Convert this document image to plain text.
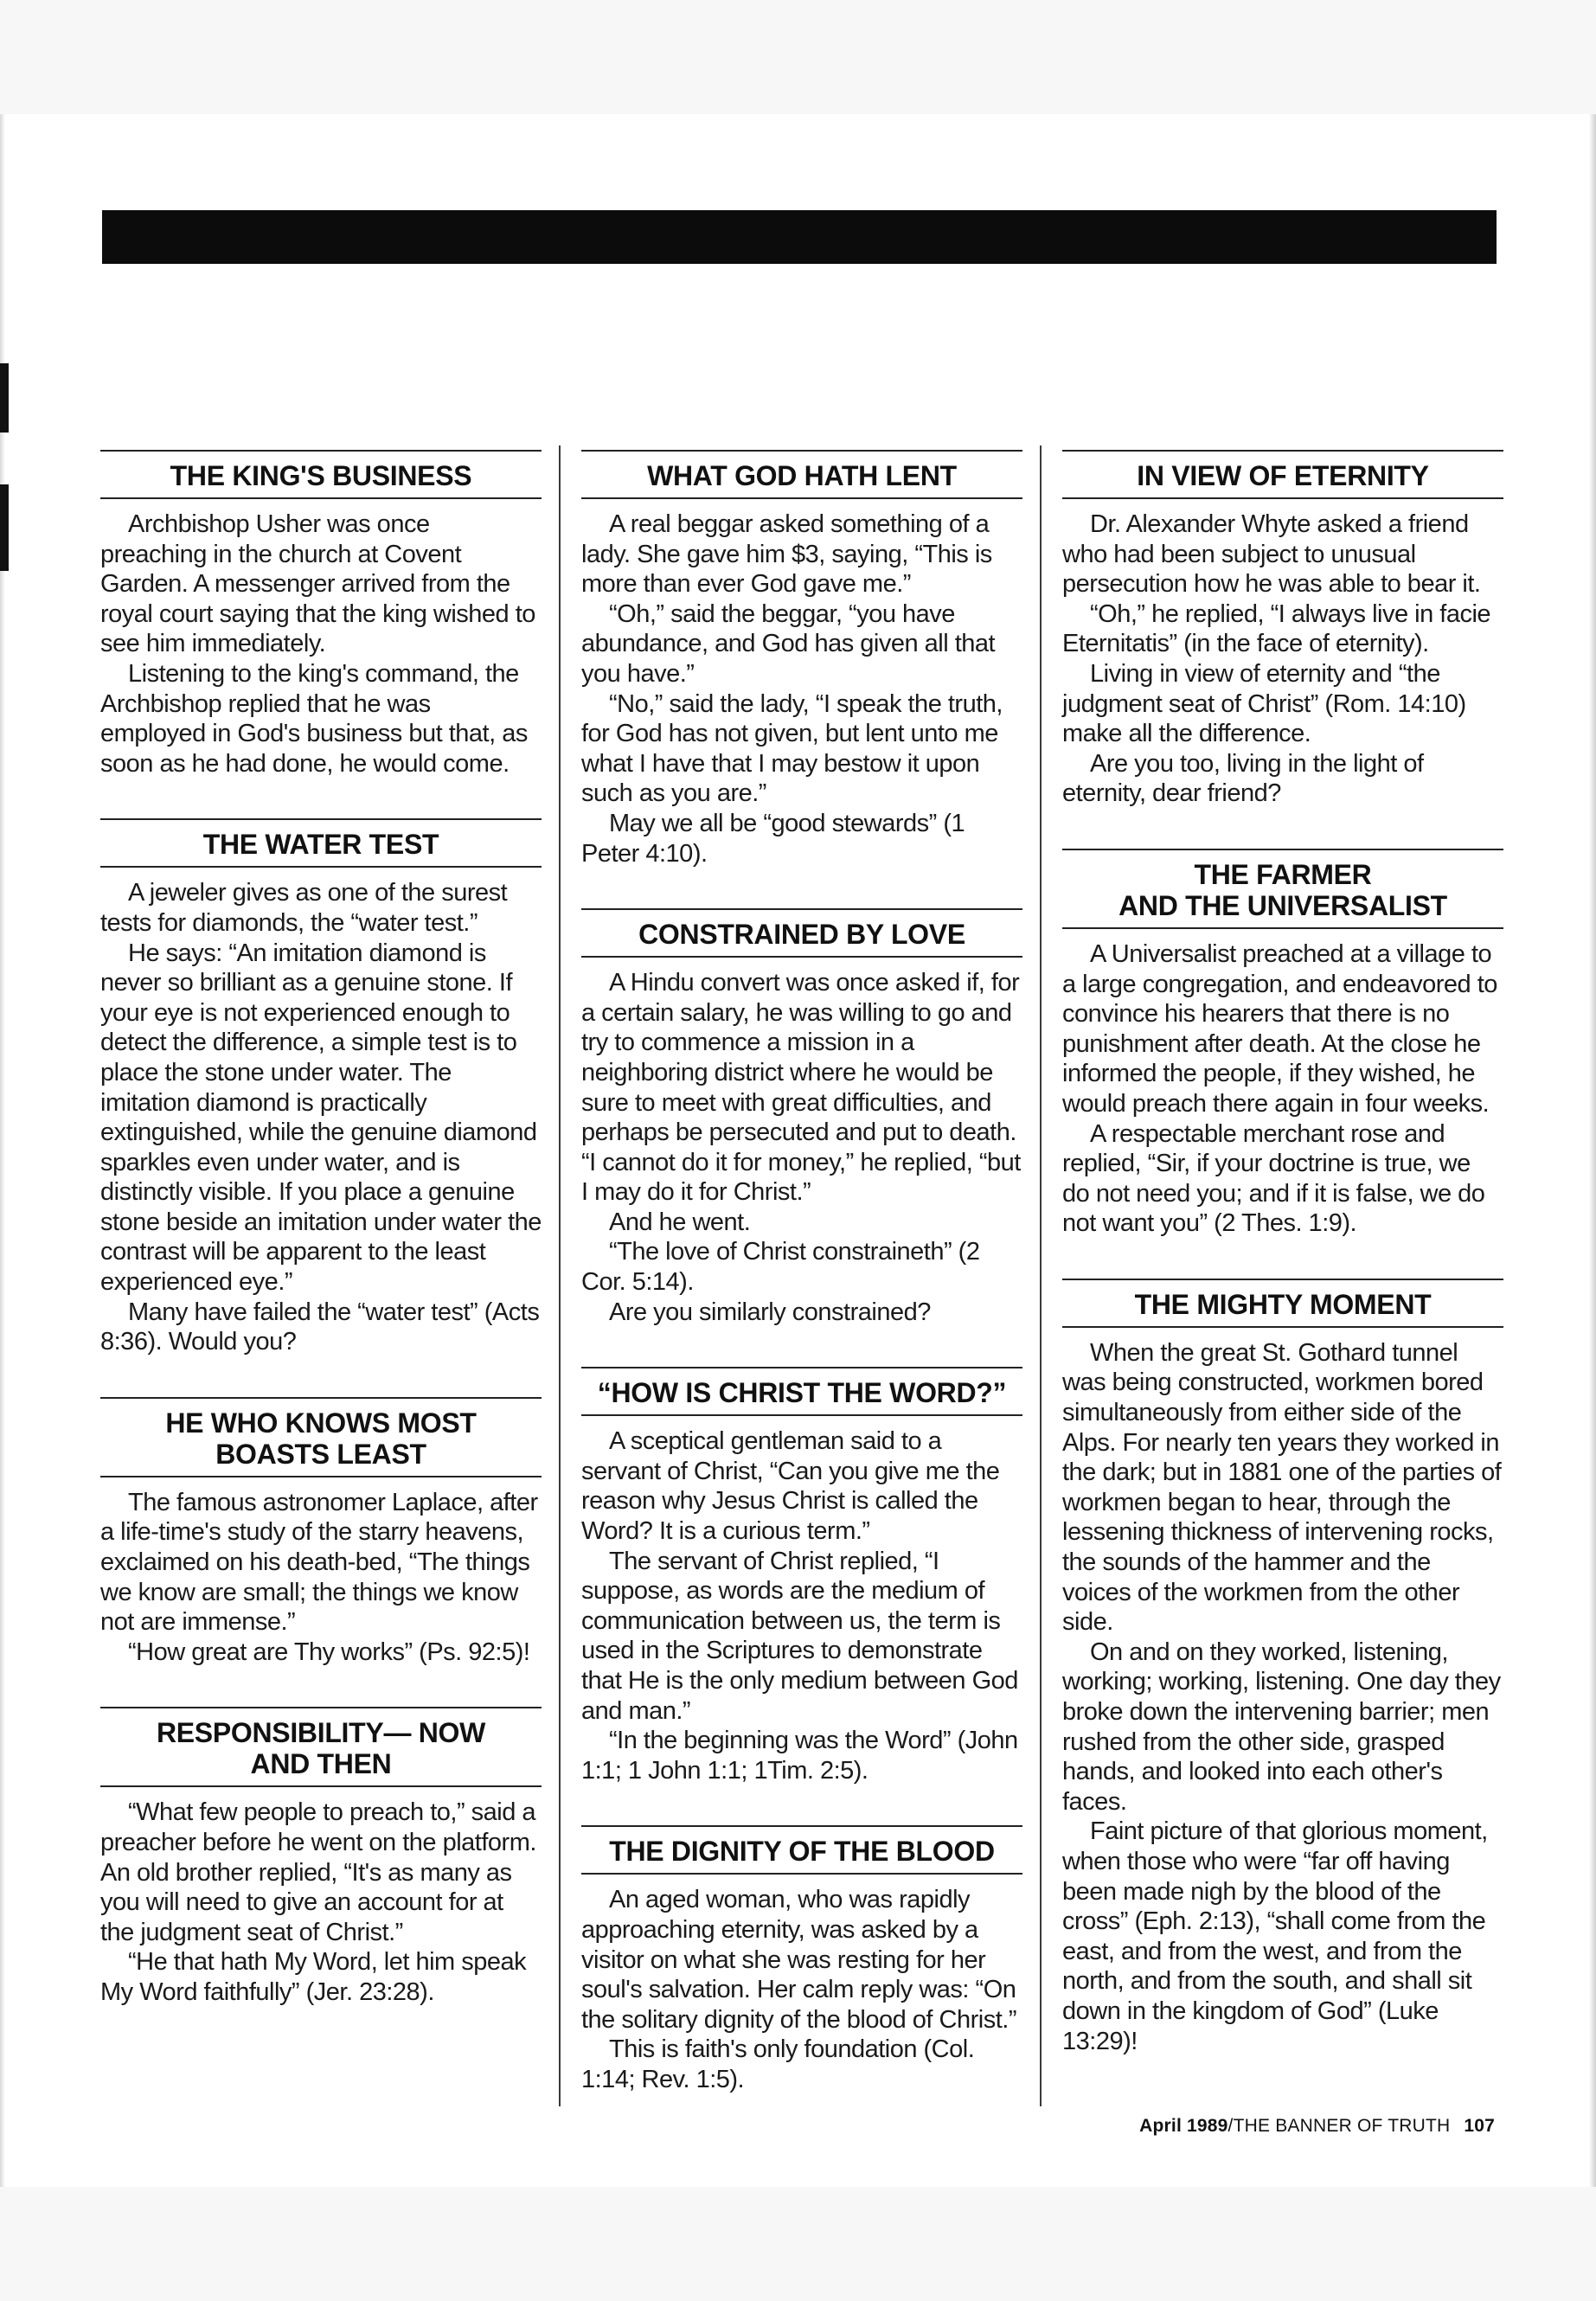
THE KING'S BUSINESS

Archbishop Usher was once preaching in the church at Covent Garden. A messenger arrived from the royal court saying that the king wished to see him immediately.

Listening to the king's command, the Archbishop replied that he was employed in God's business but that, as soon as he had done, he would come.

THE WATER TEST

A jeweler gives as one of the surest tests for diamonds, the “water test.”

He says: “An imitation diamond is never so brilliant as a genuine stone. If your eye is not experienced enough to detect the difference, a simple test is to place the stone under water. The imitation diamond is practically extinguished, while the genuine diamond sparkles even under water, and is distinctly visible. If you place a genuine stone beside an imitation under water the contrast will be apparent to the least experienced eye.”

Many have failed the “water test” (Acts 8:36). Would you?

HE WHO KNOWS MOST
BOASTS LEAST

The famous astronomer Laplace, after a life-time's study of the starry heavens, exclaimed on his death-bed, “The things we know are small; the things we know not are immense.”

“How great are Thy works” (Ps. 92:5)!

RESPONSIBILITY— NOW
AND THEN

“What few people to preach to,” said a preacher before he went on the platform. An old brother replied, “It's as many as you will need to give an account for at the judgment seat of Christ.”

“He that hath My Word, let him speak My Word faithfully” (Jer. 23:28).

WHAT GOD HATH LENT

A real beggar asked something of a lady. She gave him $3, saying, “This is more than ever God gave me.”

“Oh,” said the beggar, “you have abundance, and God has given all that you have.”

“No,” said the lady, “I speak the truth, for God has not given, but lent unto me what I have that I may bestow it upon such as you are.”

May we all be “good stewards” (1 Peter 4:10).

CONSTRAINED BY LOVE

A Hindu convert was once asked if, for a certain salary, he was willing to go and try to commence a mission in a neighboring district where he would be sure to meet with great difficulties, and perhaps be persecuted and put to death. “I cannot do it for money,” he replied, “but I may do it for Christ.”

And he went.

“The love of Christ constraineth” (2 Cor. 5:14).

Are you similarly constrained?

“HOW IS CHRIST THE WORD?”

A sceptical gentleman said to a servant of Christ, “Can you give me the reason why Jesus Christ is called the Word? It is a curious term.”

The servant of Christ replied, “I suppose, as words are the medium of communication between us, the term is used in the Scriptures to demonstrate that He is the only medium between God and man.”

“In the beginning was the Word” (John 1:1; 1 John 1:1; 1Tim. 2:5).

THE DIGNITY OF THE BLOOD

An aged woman, who was rapidly approaching eternity, was asked by a visitor on what she was resting for her soul's salvation. Her calm reply was: “On the solitary dignity of the blood of Christ.”

This is faith's only foundation (Col. 1:14; Rev. 1:5).

IN VIEW OF ETERNITY

Dr. Alexander Whyte asked a friend who had been subject to unusual persecution how he was able to bear it.

“Oh,” he replied, “I always live in facie Eternitatis” (in the face of eternity).

Living in view of eternity and “the judgment seat of Christ” (Rom. 14:10) make all the difference.

Are you too, living in the light of eternity, dear friend?

THE FARMER
AND THE UNIVERSALIST

A Universalist preached at a village to a large congregation, and endeavored to convince his hearers that there is no punishment after death. At the close he informed the people, if they wished, he would preach there again in four weeks.

A respectable merchant rose and replied, “Sir, if your doctrine is true, we do not need you; and if it is false, we do not want you” (2 Thes. 1:9).

THE MIGHTY MOMENT

When the great St. Gothard tunnel was being constructed, workmen bored simultaneously from either side of the Alps. For nearly ten years they worked in the dark; but in 1881 one of the parties of workmen began to hear, through the lessening thickness of intervening rocks, the sounds of the hammer and the voices of the workmen from the other side.

On and on they worked, listening, working; working, listening. One day they broke down the intervening barrier; men rushed from the other side, grasped hands, and looked into each other's faces.

Faint picture of that glorious moment, when those who were “far off having been made nigh by the blood of the cross” (Eph. 2:13), “shall come from the east, and from the west, and from the north, and from the south, and shall sit down in the kingdom of God” (Luke 13:29)!

April 1989/THE BANNER OF TRUTH 107
